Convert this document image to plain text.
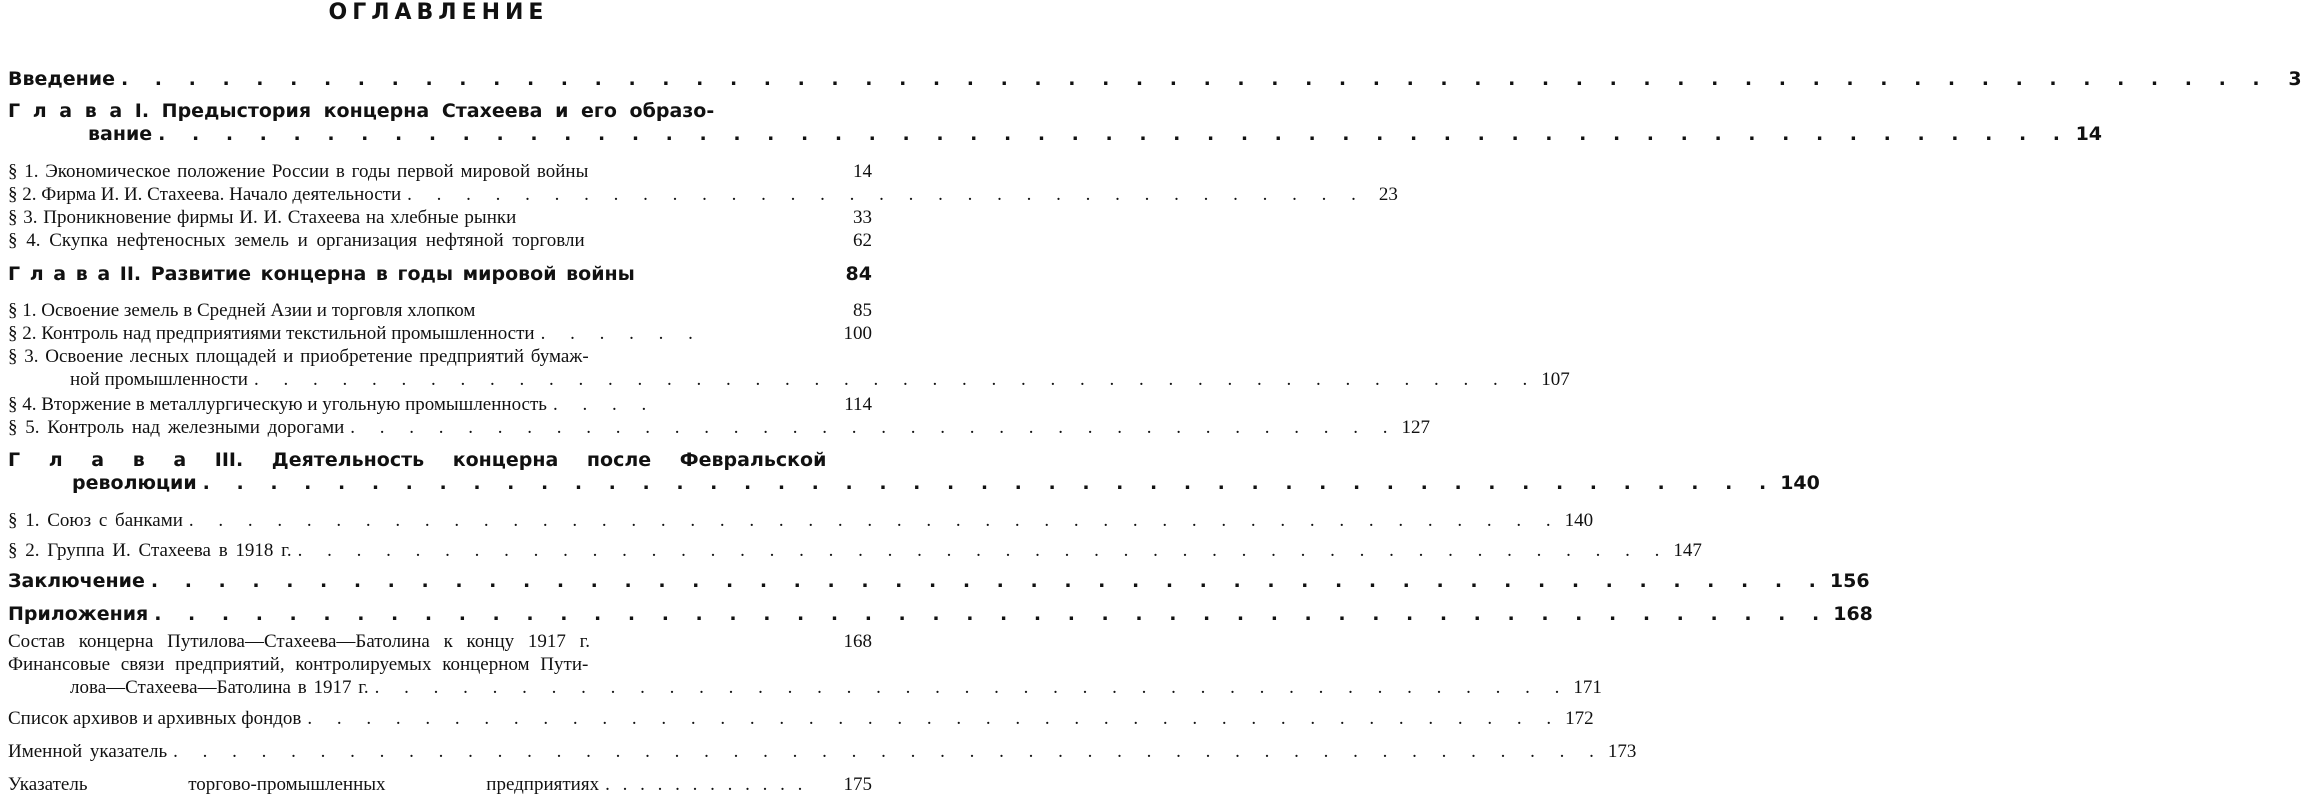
ОГЛАВЛЕНИЕ
Введение . . . . . . . . . . . . . . . . . . . . . . . . . . . . . . . . . . . . . . . . . . . . . . . . . . . . . . . . . . . . . . . . 3
Г л а в а I. Предыстория концерна Стахеева и его образо-
вание . . . . . . . . . . . . . . . . . . . . . . . . . . . . . . . . . . . . . . . . . . . . . . . . . . . . . . . . . 14
§ 1. Экономическое положение России в годы первой мировой войны	14
§ 2. Фирма И. И. Стахеева. Начало деятельности . . . . . . . . . . . . . . . . . . . . . . . . . . . . . . . . . 23
§ 3. Проникновение фирмы И. И. Стахеева на хлебные рынки	33
§ 4. Скупка нефтеносных земель и организация нефтяной торговли	62
Г л а в а II. Развитие концерна в годы мировой войны	84
§ 1. Освоение земель в Средней Азии и торговля хлопком	85
§ 2. Контроль над предприятиями текстильной промышленности . . . . . .	100
§ 3. Освоение лесных площадей и приобретение предприятий бумаж-
ной промышленности . . . . . . . . . . . . . . . . . . . . . . . . . . . . . . . . . . . . . . . . . . . . 107
§ 4. Вторжение в металлургическую и угольную промышленность . . . .	114
§ 5. Контроль над железными дорогами . . . . . . . . . . . . . . . . . . . . . . . . . . . . . . . . . . . . 127
Г л а в а III. Деятельность концерна после Февральской
революции . . . . . . . . . . . . . . . . . . . . . . . . . . . . . . . . . . . . . . . . . . . . . . . 140
§ 1. Союз с банками . . . . . . . . . . . . . . . . . . . . . . . . . . . . . . . . . . . . . . . . . . . . . . . 140
§ 2. Группа И. Стахеева в 1918 г. . . . . . . . . . . . . . . . . . . . . . . . . . . . . . . . . . . . . . . . . . . . . . . . 147
Заключение . . . . . . . . . . . . . . . . . . . . . . . . . . . . . . . . . . . . . . . . . . . . . . . . . . 156
Приложения . . . . . . . . . . . . . . . . . . . . . . . . . . . . . . . . . . . . . . . . . . . . . . . . . . 168
Состав концерна Путилова—Стахеева—Батолина к концу 1917 г.	168
Финансовые связи предприятий, контролируемых концерном Пути-
лова—Стахеева—Батолина в 1917 г. . . . . . . . . . . . . . . . . . . . . . . . . . . . . . . . . . . . . . . . . . 171
Список архивов и архивных фондов . . . . . . . . . . . . . . . . . . . . . . . . . . . . . . . . . . . . . . . . . . . 172
Именной указатель . . . . . . . . . . . . . . . . . . . . . . . . . . . . . . . . . . . . . . . . . . . . . . . . . 173
Указатель торгово-промышленных предприятиях . . . . . . . . . . . .	175
